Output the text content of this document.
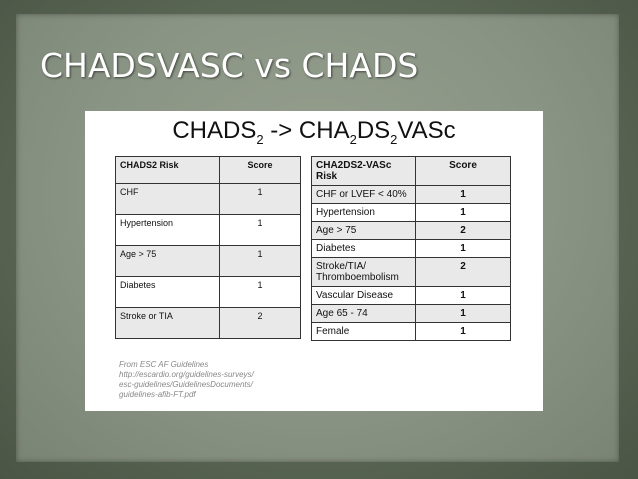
CHADSVASC vs CHADS
$CHADS_2$ -> $CHA_2DS_2VASc$
CHADS2 Risk	Score
CHF	1
Hypertension	1
Age > 75	1
Diabetes	1
Stroke or TIA	2
CHA2DS2-VASc Risk	Score
CHF or LVEF < 40%	1
Hypertension	1
Age > 75	2
Diabetes	1
Stroke/TIA/ Thromboembolism	2
Vascular Disease	1
Age 65 - 74	1
Female	1
From ESC AF Guidelines
http://escardio.org/guidelines-surveys/
esc-guidelines/GuidelinesDocuments/
guidelines-afib-FT.pdf
